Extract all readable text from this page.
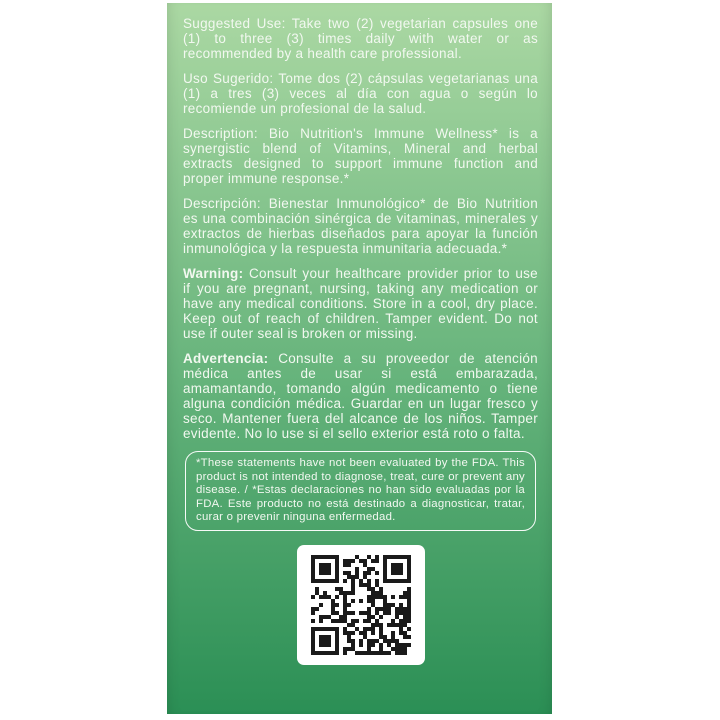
Suggested Use: Take two (2) vegetarian capsules one (1) to three (3) times daily with water or as recommended by a health care professional.

Uso Sugerido: Tome dos (2) cápsulas vegetarianas una (1) a tres (3) veces al día con agua o según lo recomiende un profesional de la salud.

Description: Bio Nutrition's Immune Wellness* is a synergistic blend of Vitamins, Mineral and herbal extracts designed to support immune function and proper immune response.*

Descripción: Bienestar Inmunológico* de Bio Nutrition es una combinación sinérgica de vitaminas, minerales y extractos de hierbas diseñados para apoyar la función inmunológica y la respuesta inmunitaria adecuada.*

Warning: Consult your healthcare provider prior to use if you are pregnant, nursing, taking any medication or have any medical conditions. Store in a cool, dry place. Keep out of reach of children. Tamper evident. Do not use if outer seal is broken or missing.

Advertencia: Consulte a su proveedor de atención médica antes de usar si está embarazada, amamantando, tomando algún medicamento o tiene alguna condición médica. Guardar en un lugar fresco y seco. Mantener fuera del alcance de los niños. Tamper evidente. No lo use si el sello exterior está roto o falta.

*These statements have not been evaluated by the FDA. This product is not intended to diagnose, treat, cure or prevent any disease. / *Estas declaraciones no han sido evaluadas por la FDA. Este producto no está destinado a diagnosticar, tratar, curar o prevenir ninguna enfermedad.
